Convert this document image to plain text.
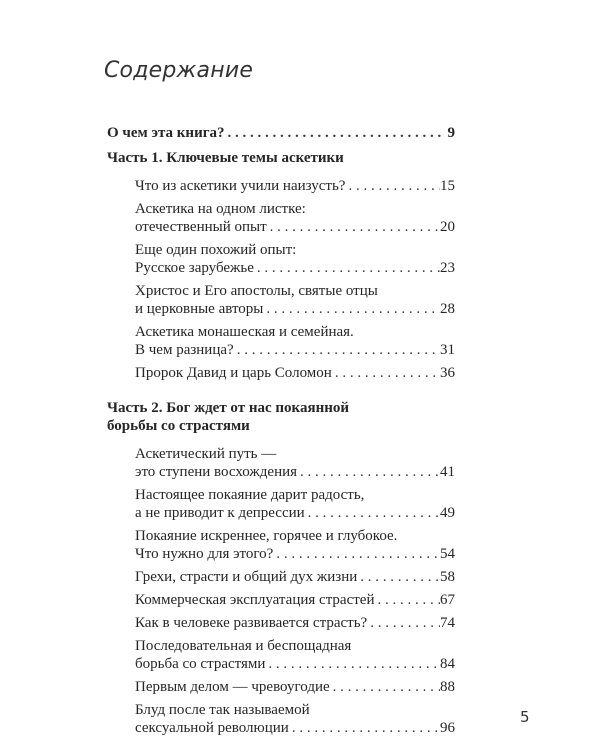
Содержание
О чем эта книга? . . .	9
Часть 1. Ключевые темы аскетики
Что из аскетики учили наизусть? . . .	15
Аскетика на одном листке:
отечественный опыт . . .	20
Еще один похожий опыт:
Русское зарубежье . . .	23
Христос и Его апостолы, святые отцы
и церковные авторы . . .	28
Аскетика монашеская и семейная.
В чем разница? . . .	31
Пророк Давид и царь Соломон . . .	36
Часть 2. Бог ждет от нас покаянной
борьбы со страстями
Аскетический путь —
это ступени восхождения . . .	41
Настоящее покаяние дарит радость,
а не приводит к депрессии . . .	49
Покаяние искреннее, горячее и глубокое.
Что нужно для этого? . . .	54
Грехи, страсти и общий дух жизни . . .	58
Коммерческая эксплуатация страстей . . .	67
Как в человеке развивается страсть? . . .	74
Последовательная и беспощадная
борьба со страстями . . .	84
Первым делом — чревоугодие . . .	88
Блуд после так называемой
сексуальной революции . . .	96
5
